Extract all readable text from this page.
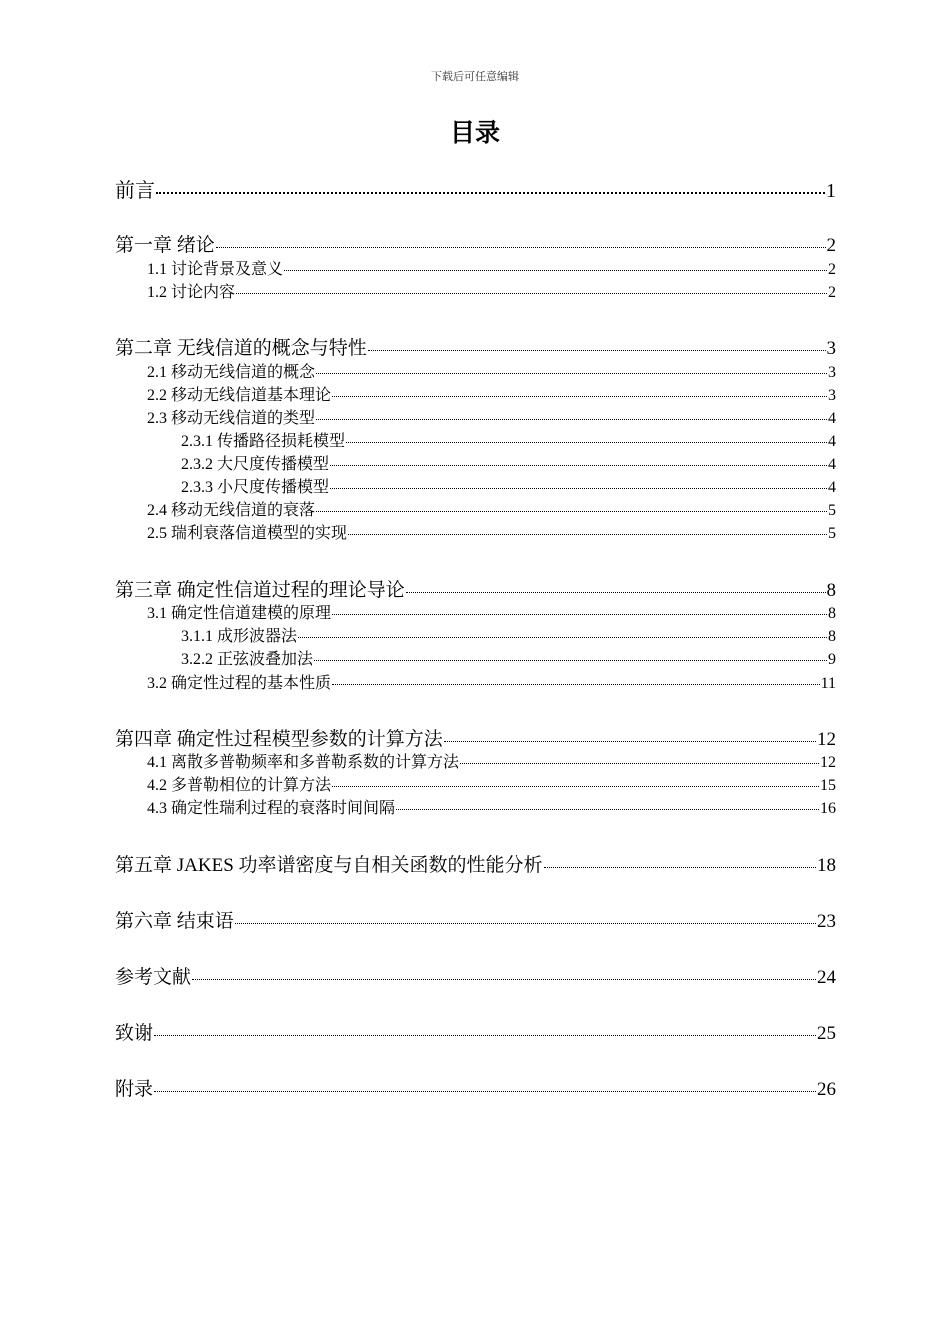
下载后可任意编辑
目录
前言	1
第一章 绪论	2
1.1 讨论背景及意义	2
1.2 讨论内容	2
第二章 无线信道的概念与特性	3
2.1 移动无线信道的概念	3
2.2 移动无线信道基本理论	3
2.3 移动无线信道的类型	4
2.3.1 传播路径损耗模型	4
2.3.2 大尺度传播模型	4
2.3.3 小尺度传播模型	4
2.4 移动无线信道的衰落	5
2.5 瑞利衰落信道模型的实现	5
第三章 确定性信道过程的理论导论	8
3.1 确定性信道建模的原理	8
3.1.1 成形波器法	8
3.2.2 正弦波叠加法	9
3.2 确定性过程的基本性质	11
第四章 确定性过程模型参数的计算方法	12
4.1 离散多普勒频率和多普勒系数的计算方法	12
4.2 多普勒相位的计算方法	15
4.3 确定性瑞利过程的衰落时间间隔	16
第五章 JAKES 功率谱密度与自相关函数的性能分析	18
第六章 结束语	23
参考文献	24
致谢	25
附录	26
